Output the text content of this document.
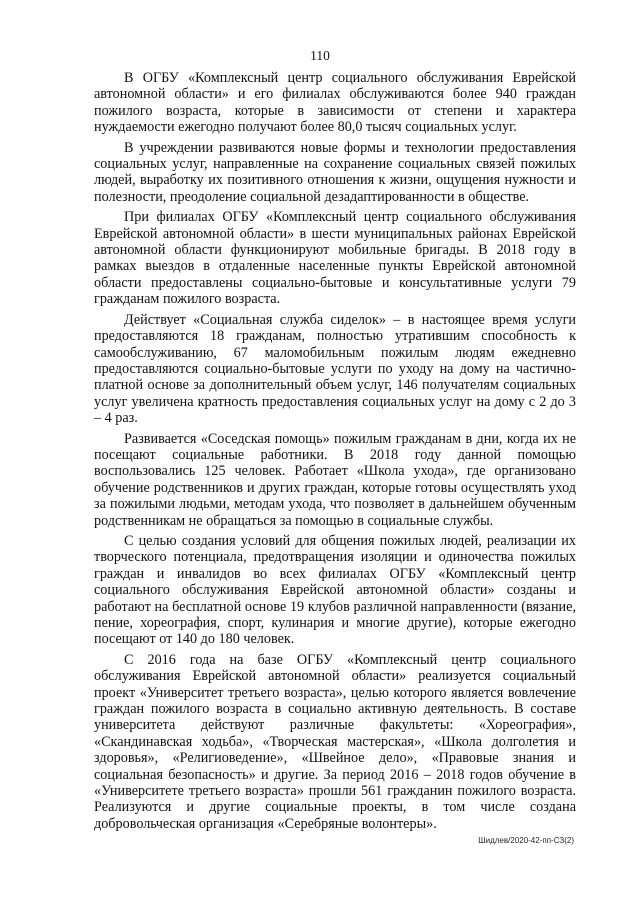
110

В ОГБУ «Комплексный центр социального обслуживания Еврейской автономной области» и его филиалах обслуживаются более 940 граждан пожилого возраста, которые в зависимости от степени и характера нуждаемости ежегодно получают более 80,0 тысяч социальных услуг.

В учреждении развиваются новые формы и технологии предоставления социальных услуг, направленные на сохранение социальных связей пожилых людей, выработку их позитивного отношения к жизни, ощущения нужности и полезности, преодоление социальной дезадаптированности в обществе.

При филиалах ОГБУ «Комплексный центр социального обслуживания Еврейской автономной области» в шести муниципальных районах Еврейской автономной области функционируют мобильные бригады. В 2018 году в рамках выездов в отдаленные населенные пункты Еврейской автономной области предоставлены социально-бытовые и консультативные услуги 79 гражданам пожилого возраста.

Действует «Социальная служба сиделок» – в настоящее время услуги предоставляются 18 гражданам, полностью утратившим способность к самообслуживанию, 67 маломобильным пожилым людям ежедневно предоставляются социально-бытовые услуги по уходу на дому на частично-платной основе за дополнительный объем услуг, 146 получателям социальных услуг увеличена кратность предоставления социальных услуг на дому с 2 до 3 – 4 раз.

Развивается «Соседская помощь» пожилым гражданам в дни, когда их не посещают социальные работники. В 2018 году данной помощью воспользовались 125 человек. Работает «Школа ухода», где организовано обучение родственников и других граждан, которые готовы осуществлять уход за пожилыми людьми, методам ухода, что позволяет в дальнейшем обученным родственникам не обращаться за помощью в социальные службы.

С целью создания условий для общения пожилых людей, реализации их творческого потенциала, предотвращения изоляции и одиночества пожилых граждан и инвалидов во всех филиалах ОГБУ «Комплексный центр социального обслуживания Еврейской автономной области» созданы и работают на бесплатной основе 19 клубов различной направленности (вязание, пение, хореография, спорт, кулинария и многие другие), которые ежегодно посещают от 140 до 180 человек.

С 2016 года на базе ОГБУ «Комплексный центр социального обслуживания Еврейской автономной области» реализуется социальный проект «Университет третьего возраста», целью которого является вовлечение граждан пожилого возраста в социально активную деятельность. В составе университета действуют различные факультеты: «Хореография», «Скандинавская ходьба», «Творческая мастерская», «Школа долголетия и здоровья», «Религиоведение», «Швейное дело», «Правовые знания и социальная безопасность» и другие. За период 2016 – 2018 годов обучение в «Университете третьего возраста» прошли 561 гражданин пожилого возраста. Реализуются и другие социальные проекты, в том числе создана добровольческая организация «Серебряные волонтеры».

Шидлев/2020-42-пп-СЗ(2)
